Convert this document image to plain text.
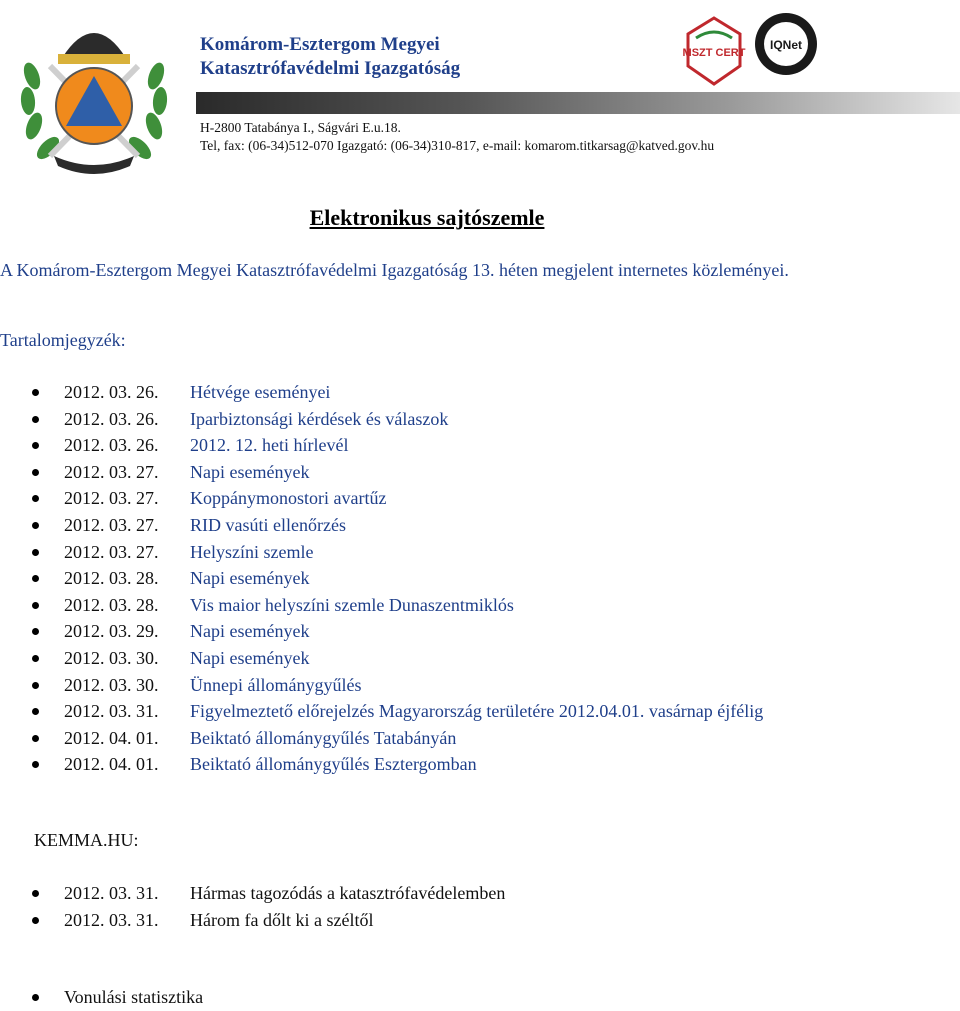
Komárom-Esztergom Megyei
Katasztrófavédelmi Igazgatóság
MSZT CERT
IQNet
H-2800 Tatabánya I., Ságvári E.u.18.
Tel, fax: (06-34)512-070 Igazgató: (06-34)310-817, e-mail: komarom.titkarsag@katved.gov.hu
Elektronikus sajtószemle
A Komárom-Esztergom Megyei Katasztrófavédelmi Igazgatóság 13. héten megjelent internetes közleményei.
Tartalomjegyzék:
2012. 03. 26. Hétvége eseményei
2012. 03. 26. Iparbiztonsági kérdések és válaszok
2012. 03. 26. 2012. 12. heti hírlevél
2012. 03. 27. Napi események
2012. 03. 27. Koppánymonostori avartűz
2012. 03. 27. RID vasúti ellenőrzés
2012. 03. 27. Helyszíni szemle
2012. 03. 28. Napi események
2012. 03. 28. Vis maior helyszíni szemle Dunaszentmiklós
2012. 03. 29. Napi események
2012. 03. 30. Napi események
2012. 03. 30. Ünnepi állománygyűlés
2012. 03. 31. Figyelmeztető előrejelzés Magyarország területére 2012.04.01. vasárnap éjfélig
2012. 04. 01. Beiktató állománygyűlés Tatabányán
2012. 04. 01. Beiktató állománygyűlés Esztergomban
KEMMA.HU:
2012. 03. 31. Hármas tagozódás a katasztrófavédelemben
2012. 03. 31. Három fa dőlt ki a széltől
Vonulási statisztika
